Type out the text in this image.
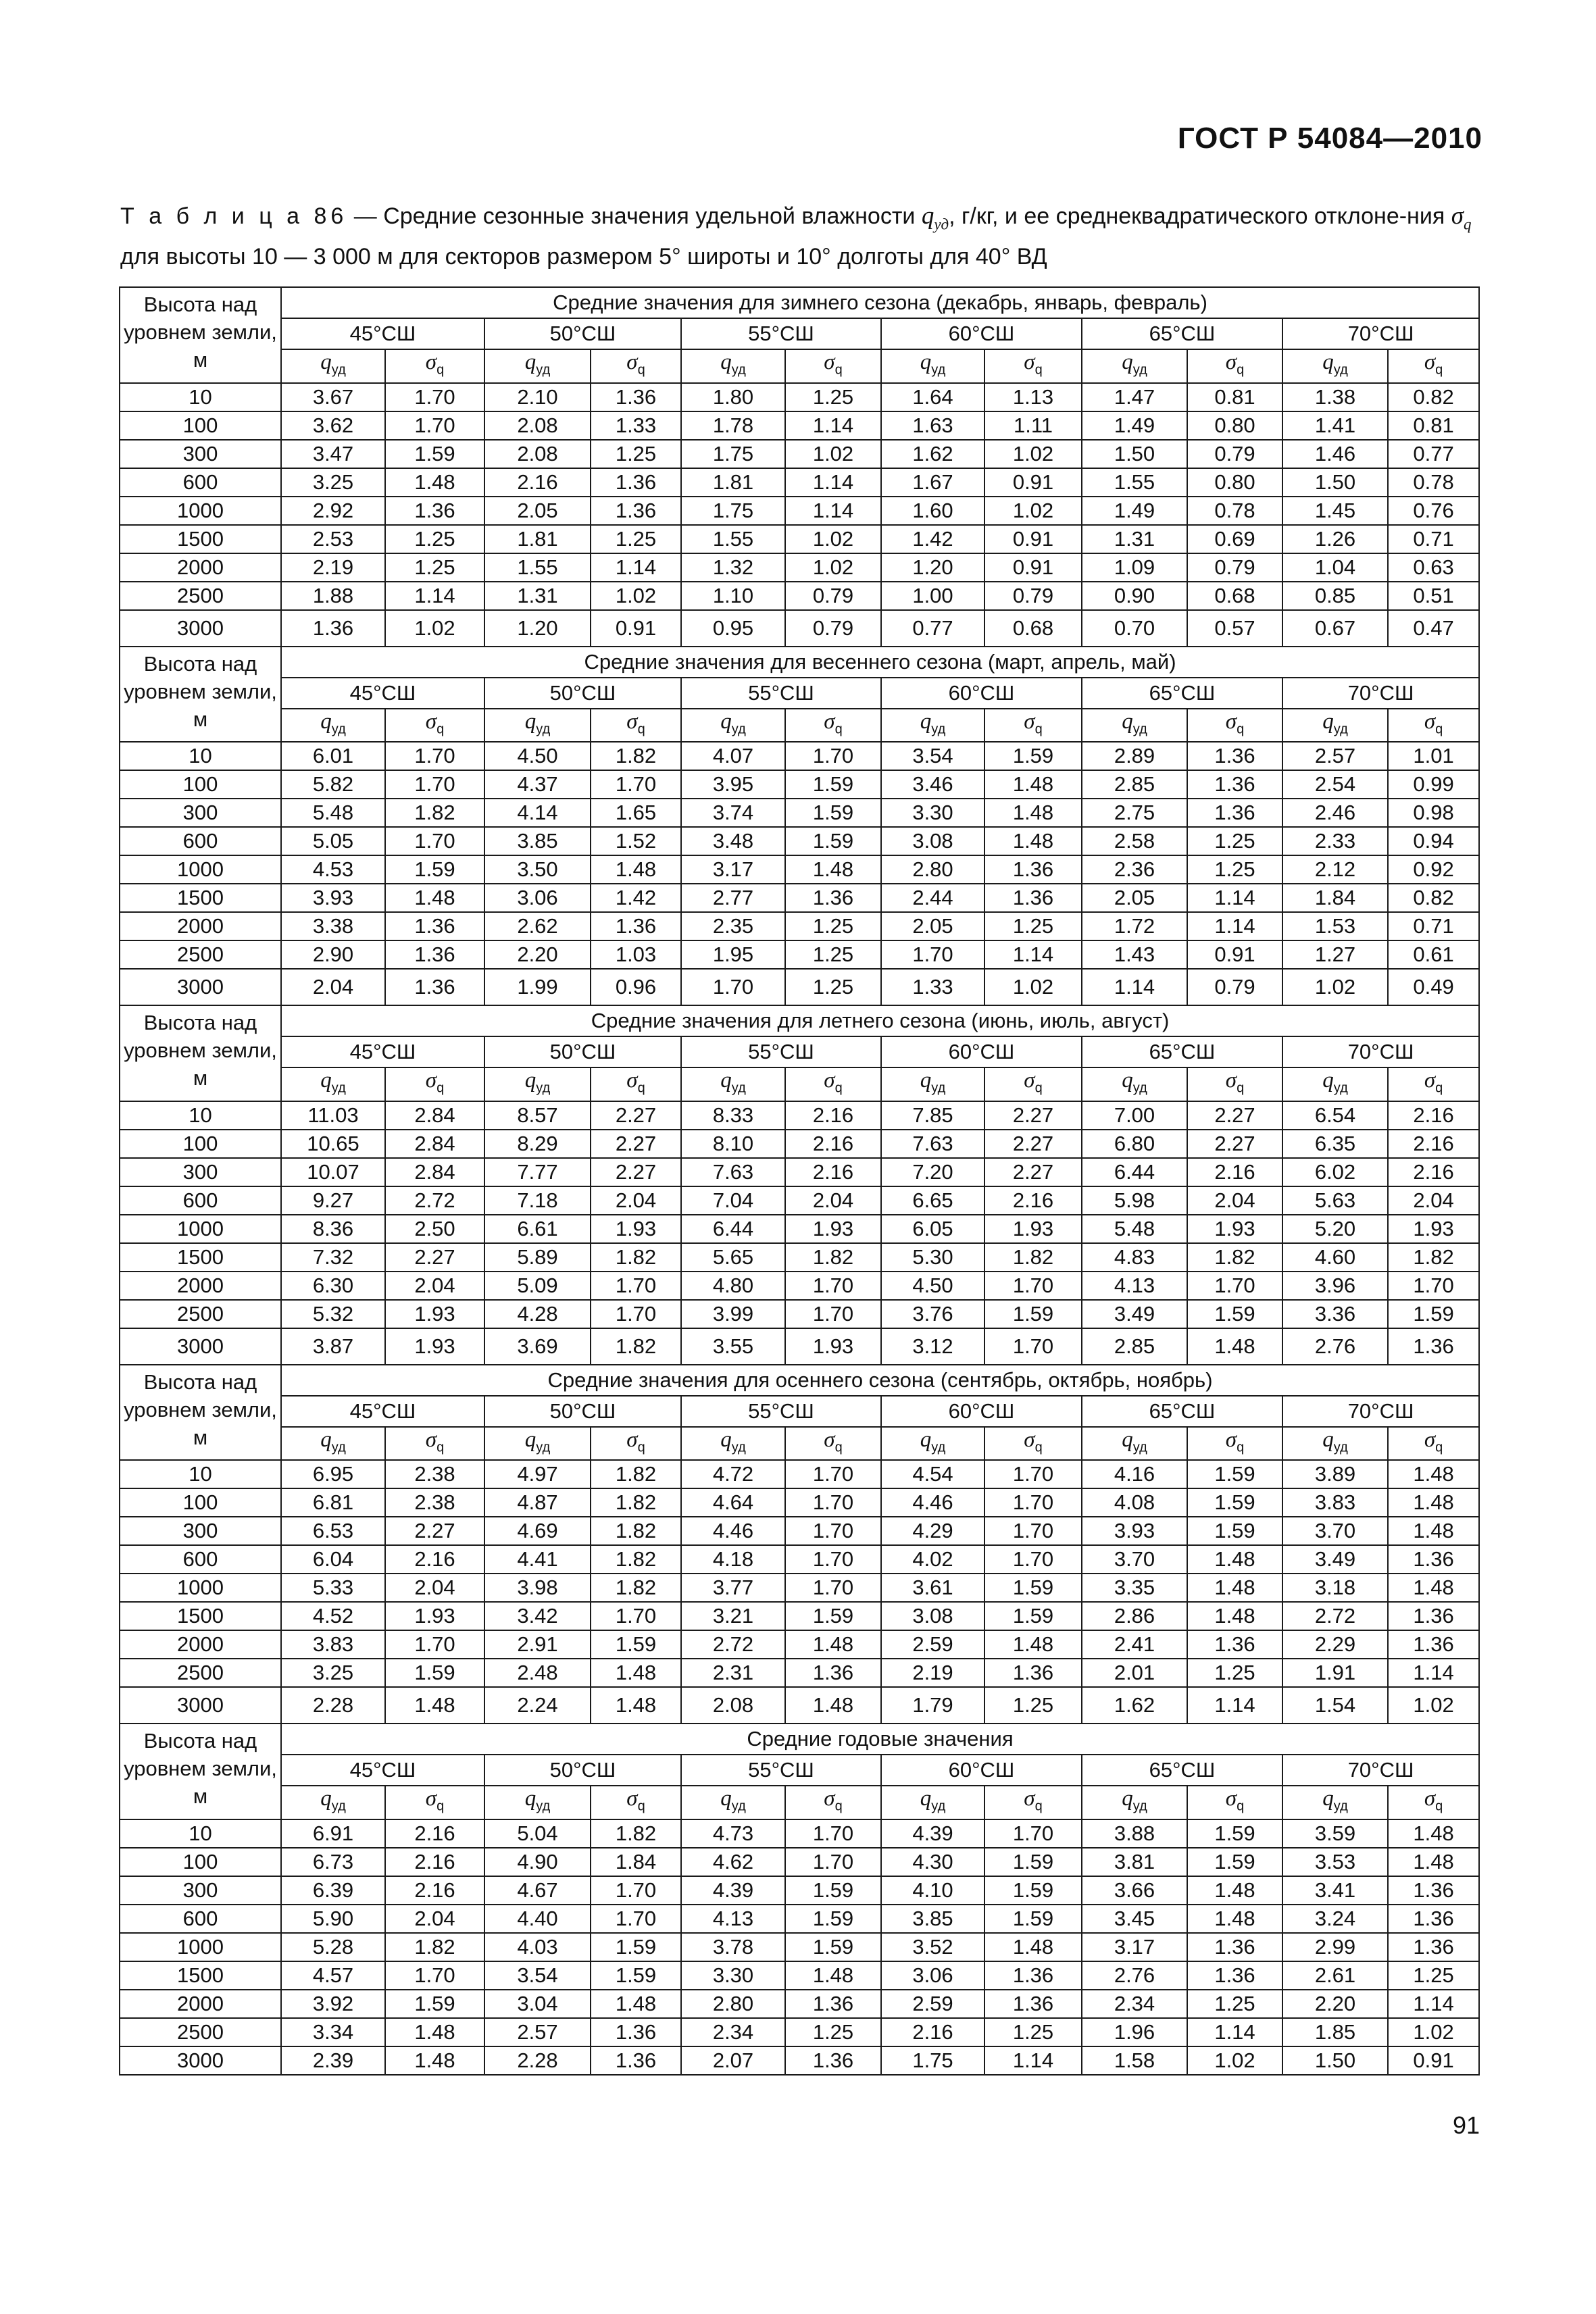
ГОСТ Р 54084—2010
Т а б л и ц а 86 — Средние сезонные значения удельной влажности $q_{уд}$, г/кг, и ее среднеквадратического отклоне-ния $\sigma_q$ для высоты 10 — 3 000 м для секторов размером 5° широты и 10° долготы для 40° ВД
Высота над уровнем земли, м	Средние значения для зимнего сезона (декабрь, январь, февраль)											
	45°СШ		50°СШ		55°СШ		60°СШ		65°СШ		70°СШ	
	$q_{уд}$	$\sigma_q$	$q_{уд}$	$\sigma_q$	$q_{уд}$	$\sigma_q$	$q_{уд}$	$\sigma_q$	$q_{уд}$	$\sigma_q$	$q_{уд}$	$\sigma_q$
10	3.67	1.70	2.10	1.36	1.80	1.25	1.64	1.13	1.47	0.81	1.38	0.82
100	3.62	1.70	2.08	1.33	1.78	1.14	1.63	1.11	1.49	0.80	1.41	0.81
300	3.47	1.59	2.08	1.25	1.75	1.02	1.62	1.02	1.50	0.79	1.46	0.77
600	3.25	1.48	2.16	1.36	1.81	1.14	1.67	0.91	1.55	0.80	1.50	0.78
1000	2.92	1.36	2.05	1.36	1.75	1.14	1.60	1.02	1.49	0.78	1.45	0.76
1500	2.53	1.25	1.81	1.25	1.55	1.02	1.42	0.91	1.31	0.69	1.26	0.71
2000	2.19	1.25	1.55	1.14	1.32	1.02	1.20	0.91	1.09	0.79	1.04	0.63
2500	1.88	1.14	1.31	1.02	1.10	0.79	1.00	0.79	0.90	0.68	0.85	0.51
3000	1.36	1.02	1.20	0.91	0.95	0.79	0.77	0.68	0.70	0.57	0.67	0.47
Высота над уровнем земли, м	Средние значения для весеннего сезона (март, апрель, май)											
	45°СШ		50°СШ		55°СШ		60°СШ		65°СШ		70°СШ	
	$q_{уд}$	$\sigma_q$	$q_{уд}$	$\sigma_q$	$q_{уд}$	$\sigma_q$	$q_{уд}$	$\sigma_q$	$q_{уд}$	$\sigma_q$	$q_{уд}$	$\sigma_q$
10	6.01	1.70	4.50	1.82	4.07	1.70	3.54	1.59	2.89	1.36	2.57	1.01
100	5.82	1.70	4.37	1.70	3.95	1.59	3.46	1.48	2.85	1.36	2.54	0.99
300	5.48	1.82	4.14	1.65	3.74	1.59	3.30	1.48	2.75	1.36	2.46	0.98
600	5.05	1.70	3.85	1.52	3.48	1.59	3.08	1.48	2.58	1.25	2.33	0.94
1000	4.53	1.59	3.50	1.48	3.17	1.48	2.80	1.36	2.36	1.25	2.12	0.92
1500	3.93	1.48	3.06	1.42	2.77	1.36	2.44	1.36	2.05	1.14	1.84	0.82
2000	3.38	1.36	2.62	1.36	2.35	1.25	2.05	1.25	1.72	1.14	1.53	0.71
2500	2.90	1.36	2.20	1.03	1.95	1.25	1.70	1.14	1.43	0.91	1.27	0.61
3000	2.04	1.36	1.99	0.96	1.70	1.25	1.33	1.02	1.14	0.79	1.02	0.49
Высота над уровнем земли, м	Средние значения для летнего сезона (июнь, июль, август)											
	45°СШ		50°СШ		55°СШ		60°СШ		65°СШ		70°СШ	
	$q_{уд}$	$\sigma_q$	$q_{уд}$	$\sigma_q$	$q_{уд}$	$\sigma_q$	$q_{уд}$	$\sigma_q$	$q_{уд}$	$\sigma_q$	$q_{уд}$	$\sigma_q$
10	11.03	2.84	8.57	2.27	8.33	2.16	7.85	2.27	7.00	2.27	6.54	2.16
100	10.65	2.84	8.29	2.27	8.10	2.16	7.63	2.27	6.80	2.27	6.35	2.16
300	10.07	2.84	7.77	2.27	7.63	2.16	7.20	2.27	6.44	2.16	6.02	2.16
600	9.27	2.72	7.18	2.04	7.04	2.04	6.65	2.16	5.98	2.04	5.63	2.04
1000	8.36	2.50	6.61	1.93	6.44	1.93	6.05	1.93	5.48	1.93	5.20	1.93
1500	7.32	2.27	5.89	1.82	5.65	1.82	5.30	1.82	4.83	1.82	4.60	1.82
2000	6.30	2.04	5.09	1.70	4.80	1.70	4.50	1.70	4.13	1.70	3.96	1.70
2500	5.32	1.93	4.28	1.70	3.99	1.70	3.76	1.59	3.49	1.59	3.36	1.59
3000	3.87	1.93	3.69	1.82	3.55	1.93	3.12	1.70	2.85	1.48	2.76	1.36
Высота над уровнем земли, м	Средние значения для осеннего сезона (сентябрь, октябрь, ноябрь)											
	45°СШ		50°СШ		55°СШ		60°СШ		65°СШ		70°СШ	
	$q_{уд}$	$\sigma_q$	$q_{уд}$	$\sigma_q$	$q_{уд}$	$\sigma_q$	$q_{уд}$	$\sigma_q$	$q_{уд}$	$\sigma_q$	$q_{уд}$	$\sigma_q$
10	6.95	2.38	4.97	1.82	4.72	1.70	4.54	1.70	4.16	1.59	3.89	1.48
100	6.81	2.38	4.87	1.82	4.64	1.70	4.46	1.70	4.08	1.59	3.83	1.48
300	6.53	2.27	4.69	1.82	4.46	1.70	4.29	1.70	3.93	1.59	3.70	1.48
600	6.04	2.16	4.41	1.82	4.18	1.70	4.02	1.70	3.70	1.48	3.49	1.36
1000	5.33	2.04	3.98	1.82	3.77	1.70	3.61	1.59	3.35	1.48	3.18	1.48
1500	4.52	1.93	3.42	1.70	3.21	1.59	3.08	1.59	2.86	1.48	2.72	1.36
2000	3.83	1.70	2.91	1.59	2.72	1.48	2.59	1.48	2.41	1.36	2.29	1.36
2500	3.25	1.59	2.48	1.48	2.31	1.36	2.19	1.36	2.01	1.25	1.91	1.14
3000	2.28	1.48	2.24	1.48	2.08	1.48	1.79	1.25	1.62	1.14	1.54	1.02
Высота над уровнем земли, м	Средние годовые значения											
	45°СШ		50°СШ		55°СШ		60°СШ		65°СШ		70°СШ	
	$q_{уд}$	$\sigma_q$	$q_{уд}$	$\sigma_q$	$q_{уд}$	$\sigma_q$	$q_{уд}$	$\sigma_q$	$q_{уд}$	$\sigma_q$	$q_{уд}$	$\sigma_q$
10	6.91	2.16	5.04	1.82	4.73	1.70	4.39	1.70	3.88	1.59	3.59	1.48
100	6.73	2.16	4.90	1.84	4.62	1.70	4.30	1.59	3.81	1.59	3.53	1.48
300	6.39	2.16	4.67	1.70	4.39	1.59	4.10	1.59	3.66	1.48	3.41	1.36
600	5.90	2.04	4.40	1.70	4.13	1.59	3.85	1.59	3.45	1.48	3.24	1.36
1000	5.28	1.82	4.03	1.59	3.78	1.59	3.52	1.48	3.17	1.36	2.99	1.36
1500	4.57	1.70	3.54	1.59	3.30	1.48	3.06	1.36	2.76	1.36	2.61	1.25
2000	3.92	1.59	3.04	1.48	2.80	1.36	2.59	1.36	2.34	1.25	2.20	1.14
2500	3.34	1.48	2.57	1.36	2.34	1.25	2.16	1.25	1.96	1.14	1.85	1.02
3000	2.39	1.48	2.28	1.36	2.07	1.36	1.75	1.14	1.58	1.02	1.50	0.91
91
